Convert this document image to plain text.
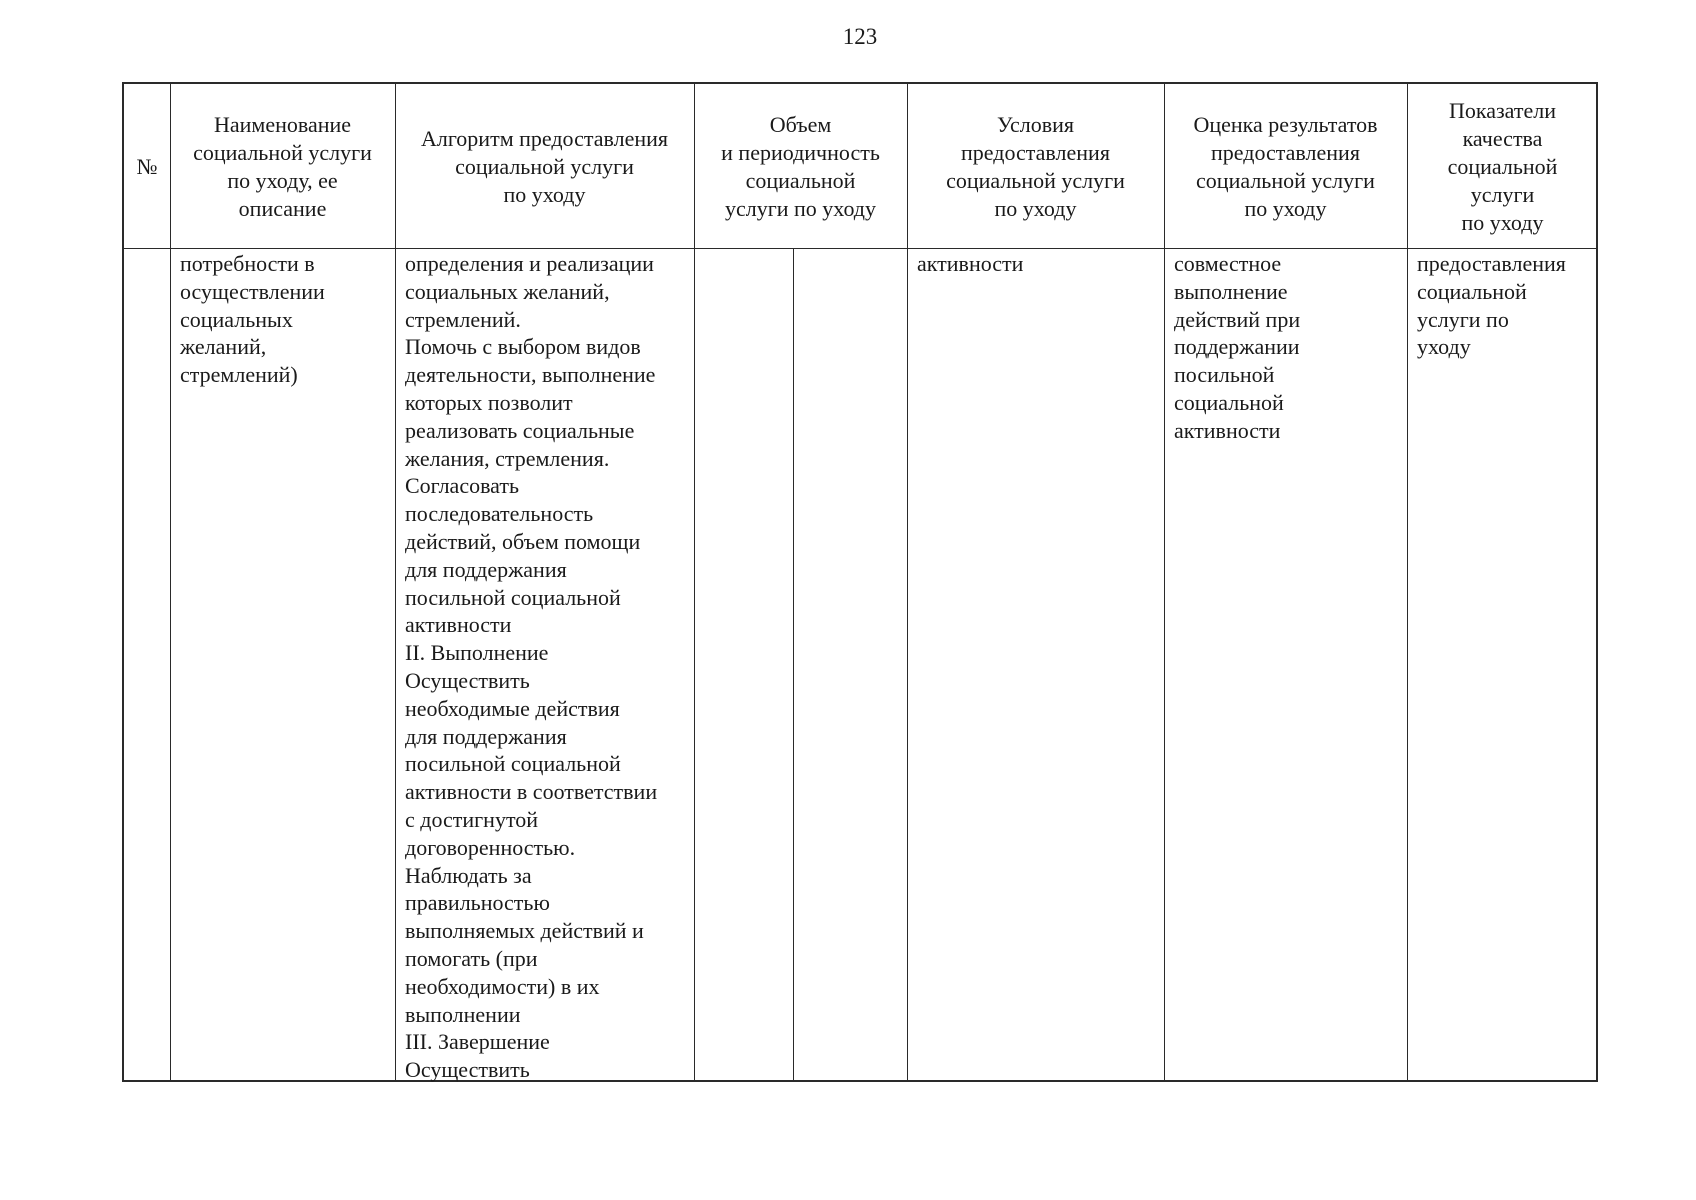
123
№
Наименование
социальной услуги
по уходу, ее
описание
Алгоритм предоставления
социальной услуги
по уходу
Объем
и периодичность
социальной
услуги по уходу
Условия
предоставления
социальной услуги
по уходу
Оценка результатов
предоставления
социальной услуги
по уходу
Показатели
качества
социальной
услуги
по уходу
потребности в
осуществлении
социальных
желаний,
стремлений)
определения и реализации
социальных желаний,
стремлений.
Помочь с выбором видов
деятельности, выполнение
которых позволит
реализовать социальные
желания, стремления.
Согласовать
последовательность
действий, объем помощи
для поддержания
посильной социальной
активности
II. Выполнение
Осуществить
необходимые действия
для поддержания
посильной социальной
активности в соответствии
с достигнутой
договоренностью.
Наблюдать за
правильностью
выполняемых действий и
помогать (при
необходимости) в их
выполнении
III. Завершение
Осуществить
активности	совместное
выполнение
действий при
поддержании
посильной
социальной
активности
предоставления
социальной
услуги по
уходу
